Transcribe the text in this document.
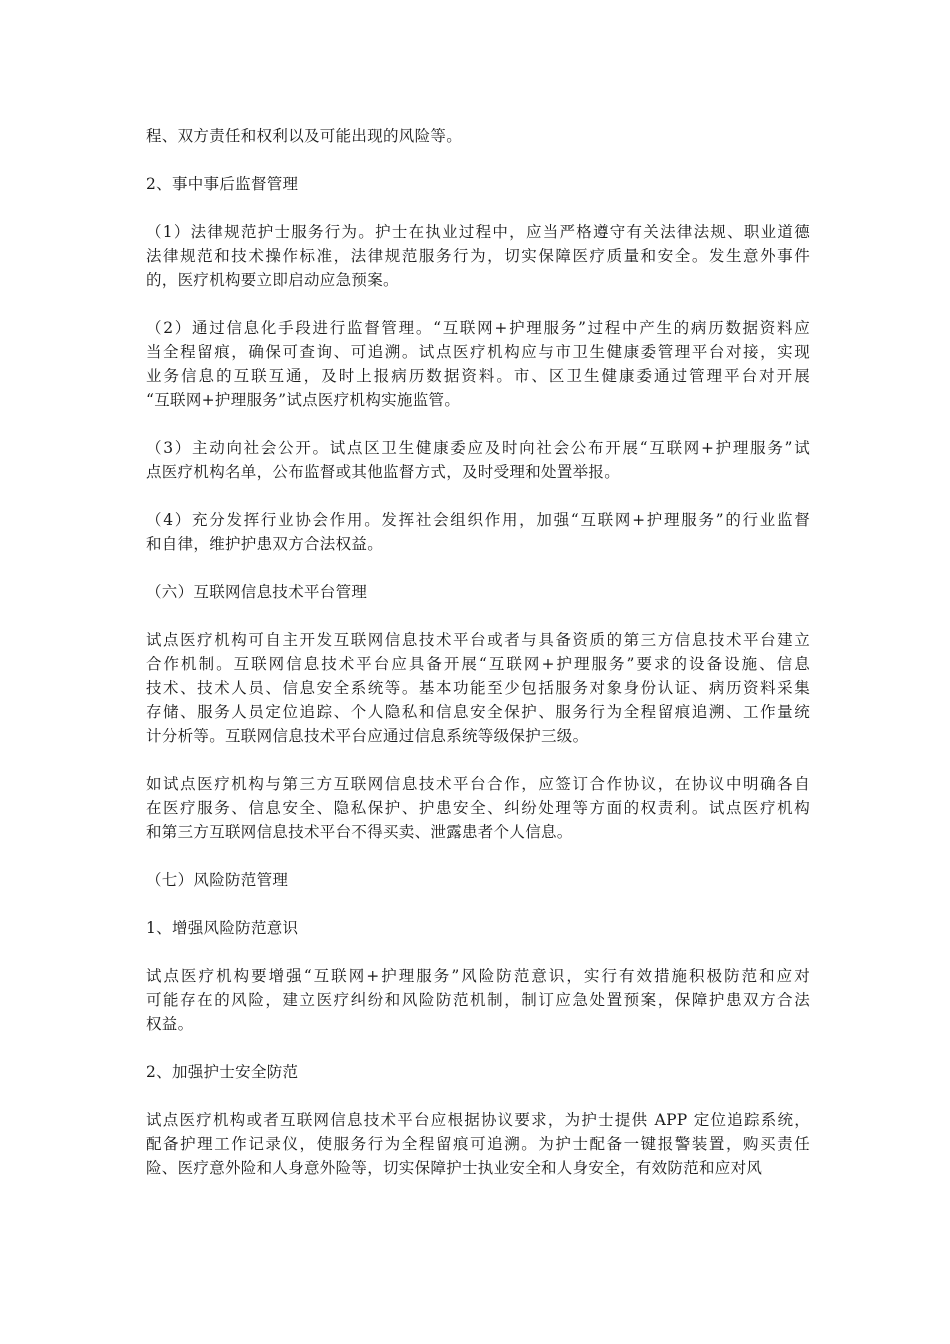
程、双方责任和权利以及可能出现的风险等。

2、事中事后监督管理

（1）法律规范护士服务行为。护士在执业过程中，应当严格遵守有关法律法规、职业道德
法律规范和技术操作标准，法律规范服务行为，切实保障医疗质量和安全。发生意外事件
的，医疗机构要立即启动应急预案。

（2）通过信息化手段进行监督管理。“互联网+护理服务”过程中产生的病历数据资料应
当全程留痕，确保可查询、可追溯。试点医疗机构应与市卫生健康委管理平台对接，实现
业务信息的互联互通，及时上报病历数据资料。市、区卫生健康委通过管理平台对开展
“互联网+护理服务”试点医疗机构实施监管。

（3）主动向社会公开。试点区卫生健康委应及时向社会公布开展“互联网+护理服务”试
点医疗机构名单，公布监督或其他监督方式，及时受理和处置举报。

（4）充分发挥行业协会作用。发挥社会组织作用，加强“互联网+护理服务”的行业监督
和自律，维护护患双方合法权益。

（六）互联网信息技术平台管理

试点医疗机构可自主开发互联网信息技术平台或者与具备资质的第三方信息技术平台建立
合作机制。互联网信息技术平台应具备开展“互联网+护理服务”要求的设备设施、信息
技术、技术人员、信息安全系统等。基本功能至少包括服务对象身份认证、病历资料采集
存储、服务人员定位追踪、个人隐私和信息安全保护、服务行为全程留痕追溯、工作量统
计分析等。互联网信息技术平台应通过信息系统等级保护三级。

如试点医疗机构与第三方互联网信息技术平台合作，应签订合作协议，在协议中明确各自
在医疗服务、信息安全、隐私保护、护患安全、纠纷处理等方面的权责利。试点医疗机构
和第三方互联网信息技术平台不得买卖、泄露患者个人信息。

（七）风险防范管理

1、增强风险防范意识

试点医疗机构要增强“互联网+护理服务”风险防范意识，实行有效措施积极防范和应对
可能存在的风险，建立医疗纠纷和风险防范机制，制订应急处置预案，保障护患双方合法
权益。

2、加强护士安全防范

试点医疗机构或者互联网信息技术平台应根据协议要求，为护士提供 APP 定位追踪系统，
配备护理工作记录仪，使服务行为全程留痕可追溯。为护士配备一键报警装置，购买责任
险、医疗意外险和人身意外险等，切实保障护士执业安全和人身安全，有效防范和应对风
